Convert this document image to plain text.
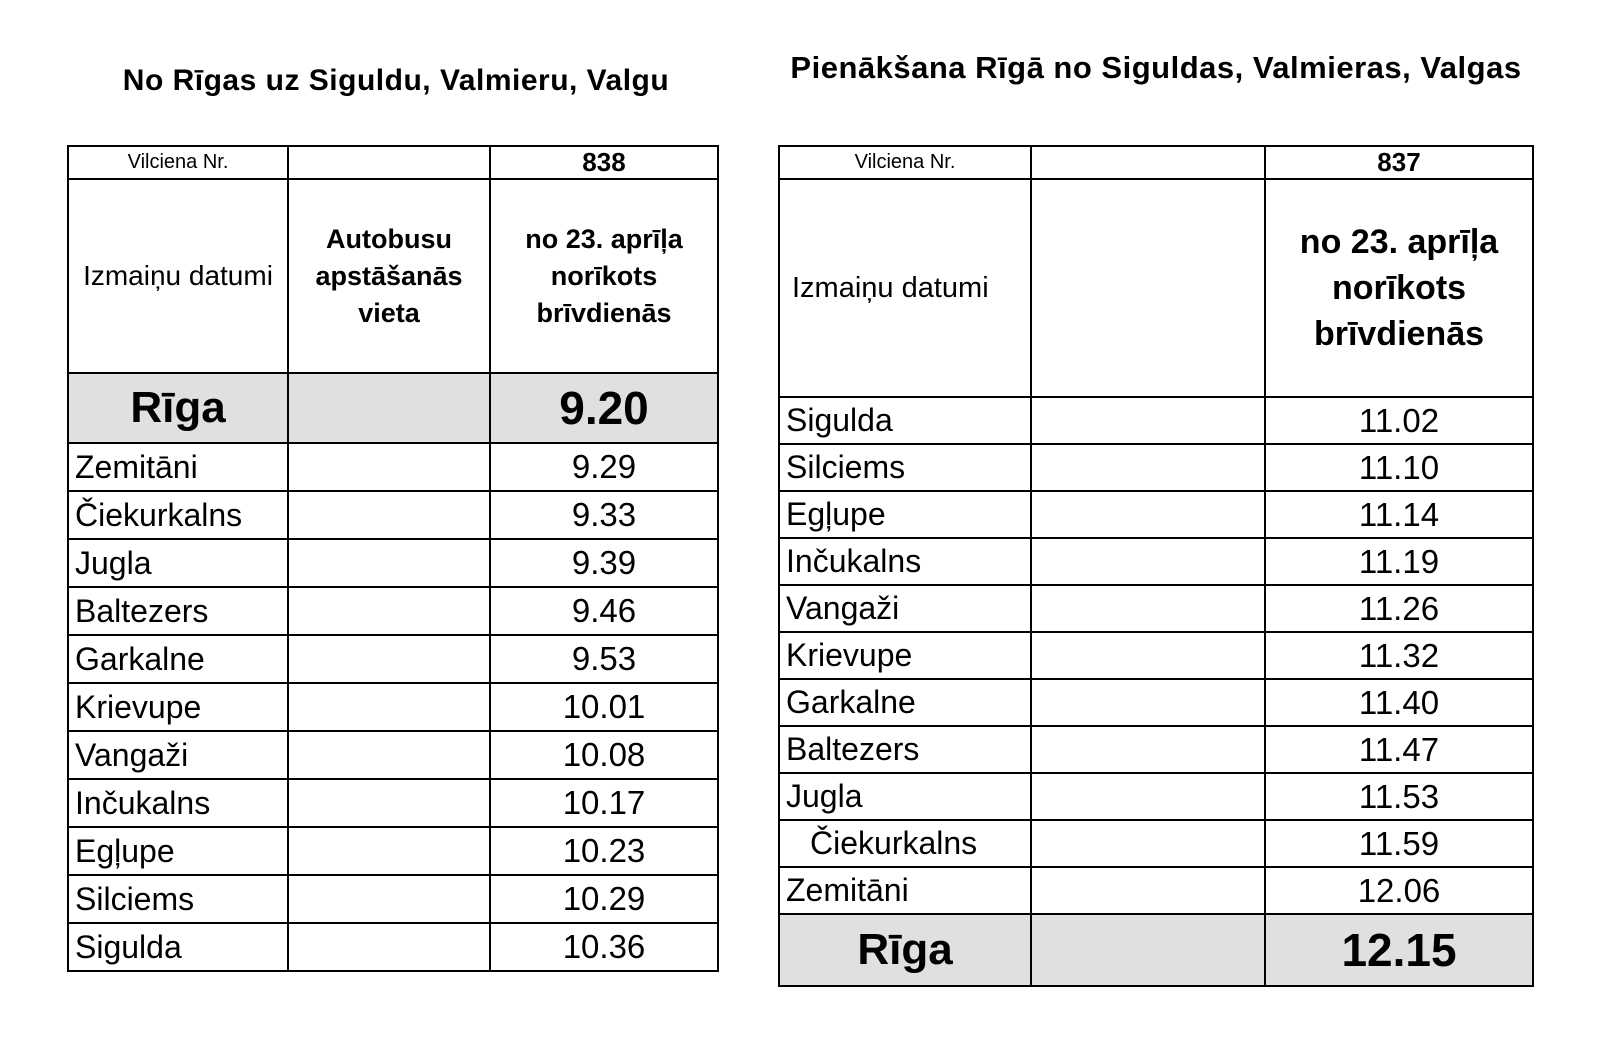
No Rīgas uz Siguldu, Valmieru, Valgu
Vilciena Nr.		838
Izmaiņu datumi	Autobusu apstāšanās vieta	no 23. aprīļa norīkots brīvdienās
Rīga		9.20
Zemitāni		9.29
Čiekurkalns		9.33
Jugla		9.39
Baltezers		9.46
Garkalne		9.53
Krievupe		10.01
Vangaži		10.08
Inčukalns		10.17
Egļupe		10.23
Silciems		10.29
Sigulda		10.36
Pienākšana Rīgā no Siguldas, Valmieras, Valgas
Vilciena Nr.		837
Izmaiņu datumi		no 23. aprīļa norīkots brīvdienās
Sigulda		11.02
Silciems		11.10
Egļupe		11.14
Inčukalns		11.19
Vangaži		11.26
Krievupe		11.32
Garkalne		11.40
Baltezers		11.47
Jugla		11.53
Čiekurkalns		11.59
Zemitāni		12.06
Rīga		12.15
